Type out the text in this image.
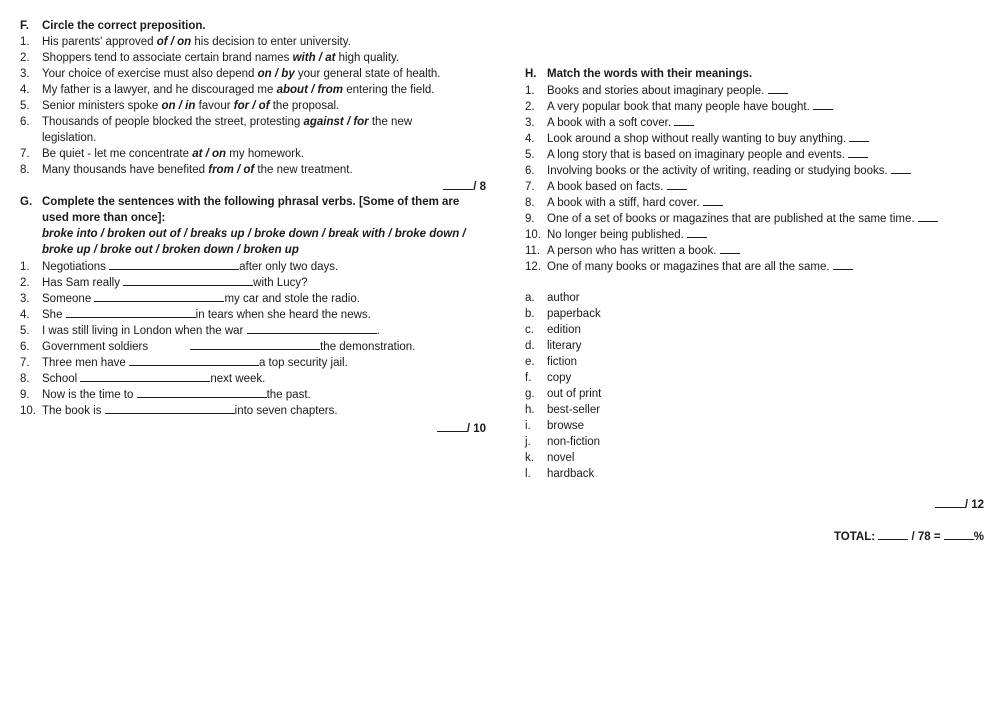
F. Circle the correct preposition.
1. His parents' approved of / on his decision to enter university.
2. Shoppers tend to associate certain brand names with / at high quality.
3. Your choice of exercise must also depend on / by your general state of health.
4. My father is a lawyer, and he discouraged me about / from entering the field.
5. Senior ministers spoke on / in favour for / of the proposal.
6. Thousands of people blocked the street, protesting against / for the new
legislation.
7. Be quiet - let me concentrate at / on my homework.
8. Many thousands have benefited from / of the new treatment.
/ 8
G. Complete the sentences with the following phrasal verbs. [Some of them are
used more than once]:
broke into / broken out of / breaks up / broke down / break with / broke down /
broke up / broke out / broken down / broken up
1. Negotiations	after only two days.
2. Has Sam really	with Lucy?
3. Someone	my car and stole the radio.
4. She	in tears when she heard the news.
5. I was still living in London when the war	.
6. Government soldiers	the demonstration.
7. Three men have	a top security jail.
8. School	next week.
9. Now is the time to	the past.
10. The book is	into seven chapters.
/ 10
H. Match the words with their meanings.
1. Books and stories about imaginary people.
2. A very popular book that many people have bought.
3. A book with a soft cover.
4. Look around a shop without really wanting to buy anything.
5. A long story that is based on imaginary people and events.
6. Involving books or the activity of writing, reading or studying books.
7. A book based on facts.
8. A book with a stiff, hard cover.
9. One of a set of books or magazines that are published at the same time.
10. No longer being published.
11. A person who has written a book.
12. One of many books or magazines that are all the same.
a. author
b. paperback
c. edition
d. literary
e. fiction
f. copy
g. out of print
h. best-seller
i. browse
j. non-fiction
k. novel
l. hardback
/ 12
TOTAL:	/ 78 =	%
